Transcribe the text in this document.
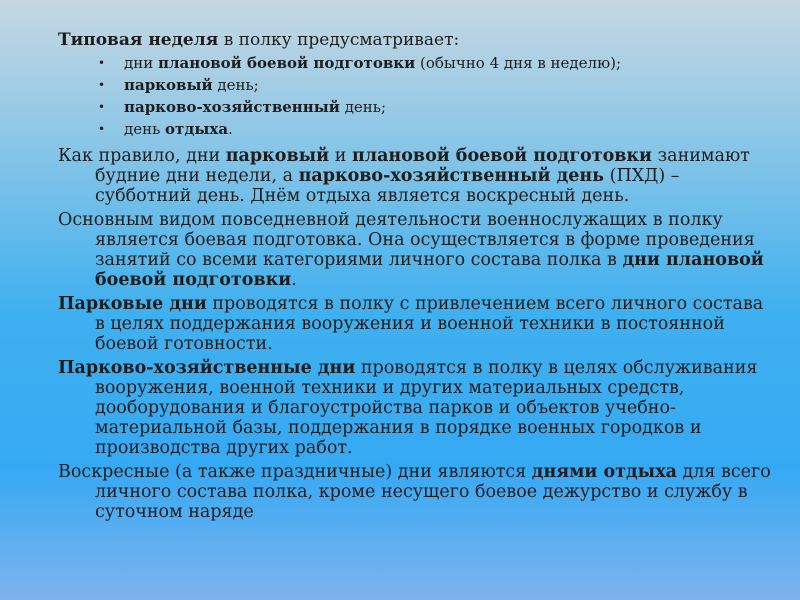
Типовая неделя в полку предусматривает:

• дни плановой боевой подготовки (обычно 4 дня в неделю);
• парковый день;
• парково-хозяйственный день;
• день отдыха.

Как правило, дни парковый и плановой боевой подготовки занимают будние дни недели, а парково-хозяйственный день (ПХД) – субботний день. Днём отдыха является воскресный день.

Основным видом повседневной деятельности военнослужащих в полку является боевая подготовка. Она осуществляется в форме проведения занятий со всеми категориями личного состава полка в дни плановой боевой подготовки.

Парковые дни проводятся в полку с привлечением всего личного состава в целях поддержания вооружения и военной техники в постоянной боевой готовности.

Парково-хозяйственные дни проводятся в полку в целях обслуживания вооружения, военной техники и других материальных средств, дооборудования и благоустройства парков и объектов учебно-материальной базы, поддержания в порядке военных городков и производства других работ.

Воскресные (а также праздничные) дни являются днями отдыха для всего личного состава полка, кроме несущего боевое дежурство и службу в суточном наряде
